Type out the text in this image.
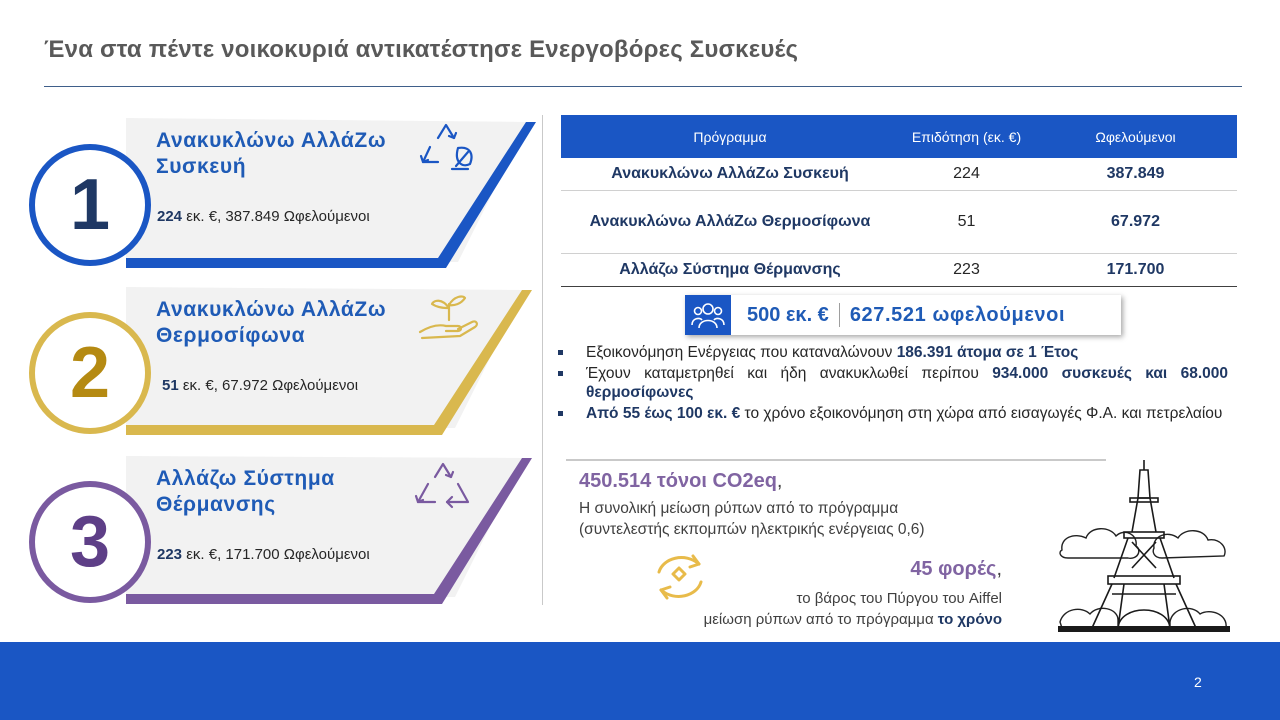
Ένα στα πέντε νοικοκυριά αντικατέστησε Ενεργοβόρες Συσκευές
1
Ανακυκλώνω ΑλλάΖω
Συσκευή
224 εκ. €, 387.849 Ωφελούμενοι
2
Ανακυκλώνω ΑλλάΖω
Θερμοσίφωνα
51 εκ. €, 67.972 Ωφελούμενοι
3
Αλλάζω Σύστημα
Θέρμανσης
223 εκ. €, 171.700 Ωφελούμενοι
Πρόγραμμα	Επιδότηση (εκ. €)	Ωφελούμενοι
Ανακυκλώνω ΑλλάΖω Συσκευή	224	387.849
Ανακυκλώνω ΑλλάΖω Θερμοσίφωνα	51	67.972
Αλλάζω Σύστημα Θέρμανσης	223	171.700
500 εκ. €	627.521 ωφελούμενοι
Εξοικονόμηση Ενέργειας που καταναλώνουν 186.391 άτομα σε 1 Έτος
Έχουν καταμετρηθεί και ήδη ανακυκλωθεί περίπου 934.000 συσκευές και 68.000 θερμοσίφωνες
Από 55 έως 100 εκ. € το χρόνο εξοικονόμηση στη χώρα από εισαγωγές Φ.Α. και πετρελαίου
450.514 τόνοι CO2eq,
Η συνολική μείωση ρύπων από το πρόγραμμα
(συντελεστής εκπομπών ηλεκτρικής ενέργειας 0,6)
45 φορές,
το βάρος του Πύργου του Aiffel
μείωση ρύπων από το πρόγραμμα το χρόνο
2
